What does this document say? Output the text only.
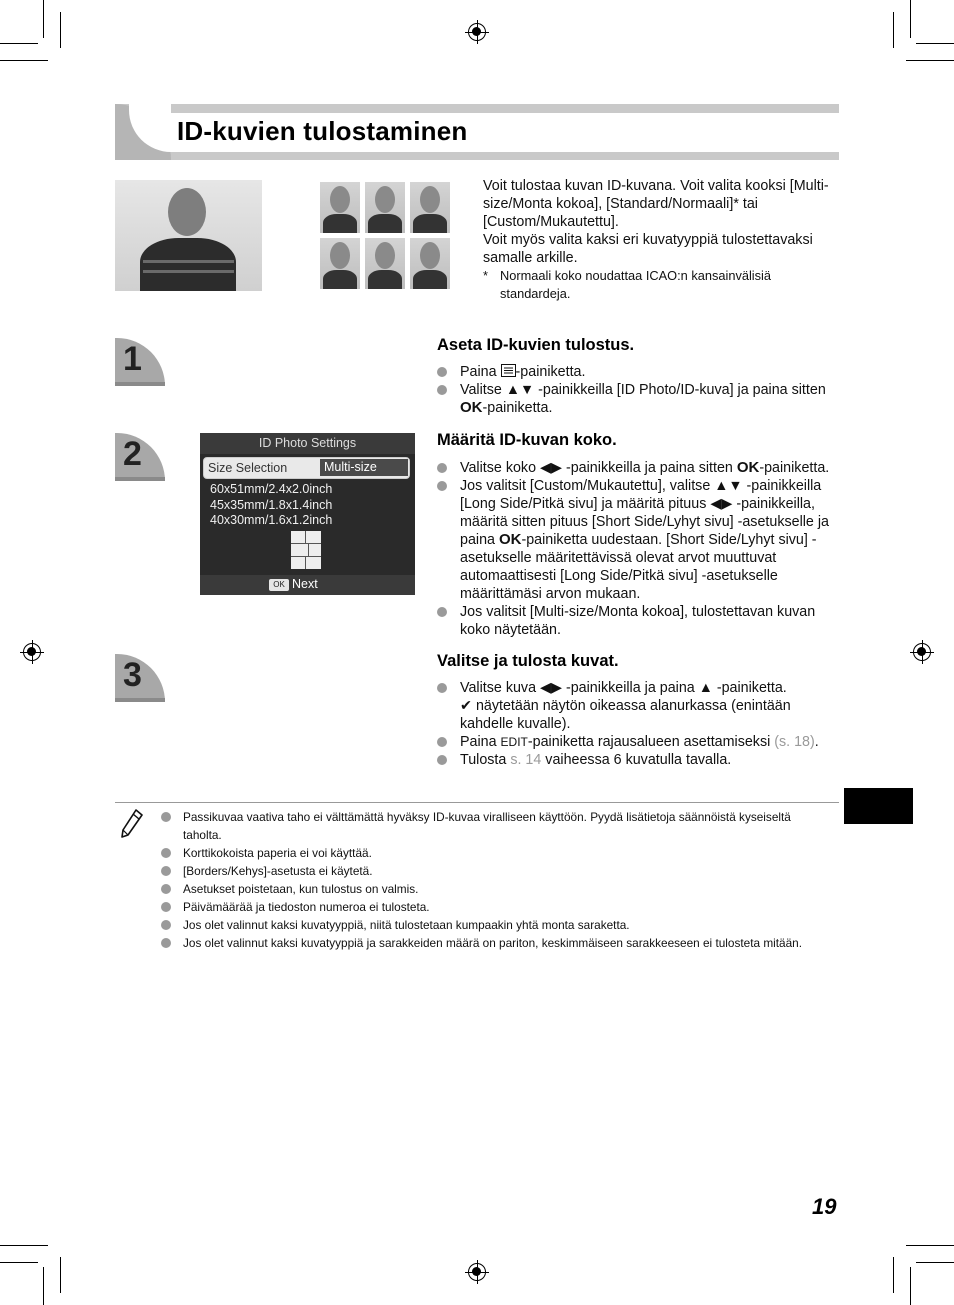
ID-kuvien tulostaminen

Voit tulostaa kuvan ID-kuvana. Voit valita kooksi [Multi-size/Monta kokoa], [Standard/Normaali]* tai [Custom/Mukautettu].

Voit myös valita kaksi eri kuvatyyppiä tulostettavaksi samalle arkille.

* Normaali koko noudattaa ICAO:n kansainvälisiä standardeja.
1	Aseta ID-kuvien tulostus.
Paina -painiketta.
Valitse ▲▼ -painikkeilla [ID Photo/ID-kuva] ja paina sitten OK-painiketta.
2	Määritä ID-kuvan koko.
Valitse koko ◀▶ -painikkeilla ja paina sitten OK-painiketta.
Jos valitsit [Custom/Mukautettu], valitse ▲▼ -painikkeilla [Long Side/Pitkä sivu] ja määritä pituus ◀▶ -painikkeilla, määritä sitten pituus [Short Side/Lyhyt sivu] -asetukselle ja paina OK-painiketta uudestaan. [Short Side/Lyhyt sivu] -asetukselle määritettävissä olevat arvot muuttuvat automaattisesti [Long Side/Pitkä sivu] -asetukselle määrittämäsi arvon mukaan.
Jos valitsit [Multi-size/Monta kokoa], tulostettavan kuvan koko näytetään.
ID Photo Settings
Size Selection	Multi-size
60x51mm/2.4x2.0inch
45x35mm/1.8x1.4inch
40x30mm/1.6x1.2inch
OK Next
3	Valitse ja tulosta kuvat.
Valitse kuva ◀▶ -painikkeilla ja paina ▲ -painiketta.
✔ näytetään näytön oikeassa alanurkassa (enintään kahdelle kuvalle).
Paina EDIT-painiketta rajausalueen asettamiseksi (s. 18).
Tulosta s. 14 vaiheessa 6 kuvatulla tavalla.
Passikuvaa vaativa taho ei välttämättä hyväksy ID-kuvaa viralliseen käyttöön. Pyydä lisätietoja säännöistä kyseiseltä taholta.
Korttikokoista paperia ei voi käyttää.
[Borders/Kehys]-asetusta ei käytetä.
Asetukset poistetaan, kun tulostus on valmis.
Päivämäärää ja tiedoston numeroa ei tulosteta.
Jos olet valinnut kaksi kuvatyyppiä, niitä tulostetaan kumpaakin yhtä monta saraketta.
Jos olet valinnut kaksi kuvatyyppiä ja sarakkeiden määrä on pariton, keskimmäiseen sarakkeeseen ei tulosteta mitään.
19
